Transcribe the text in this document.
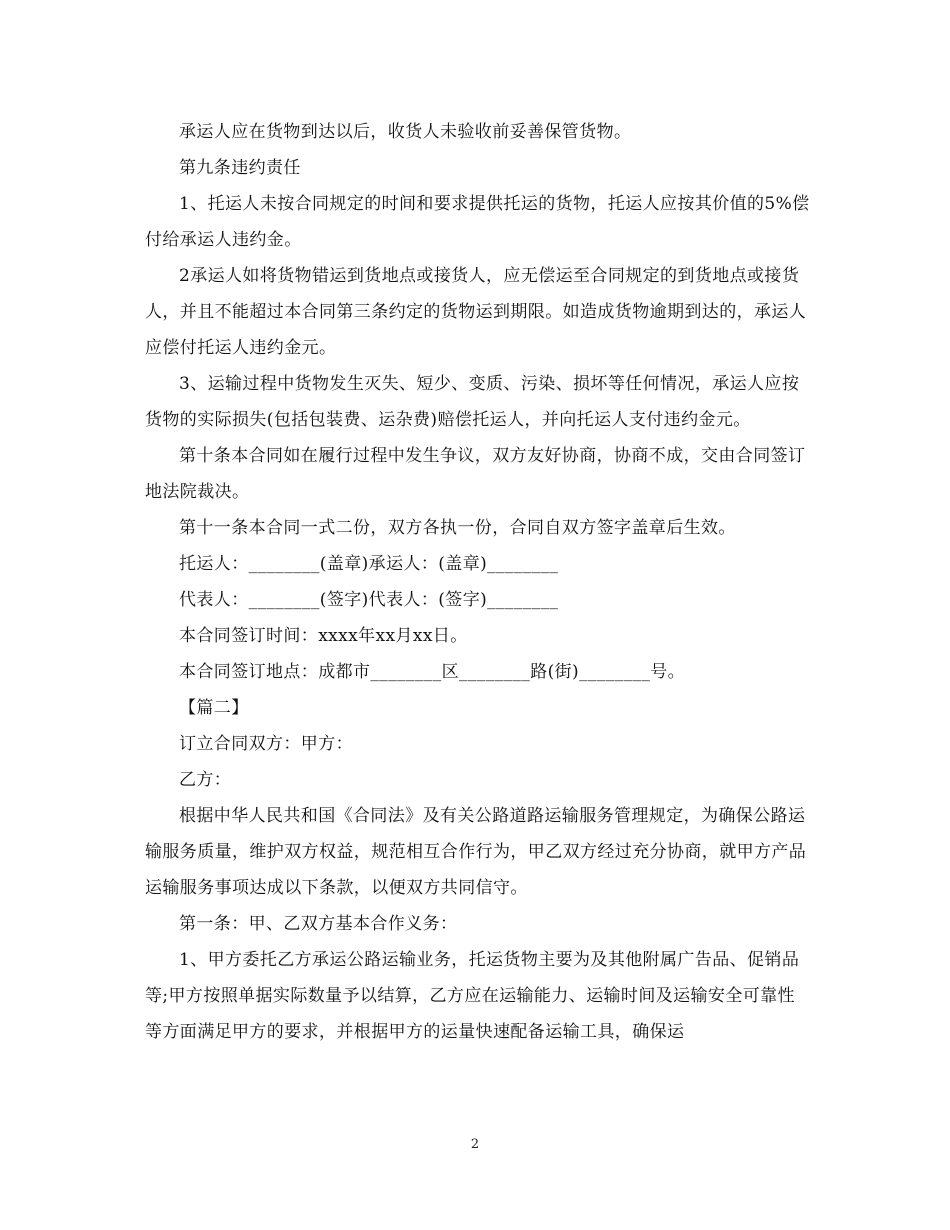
承运人应在货物到达以后，收货人未验收前妥善保管货物。

第九条违约责任

1、托运人未按合同规定的时间和要求提供托运的货物，托运人应按其价值的5%偿付给承运人违约金。

2承运人如将货物错运到货地点或接货人，应无偿运至合同规定的到货地点或接货人，并且不能超过本合同第三条约定的货物运到期限。如造成货物逾期到达的，承运人应偿付托运人违约金元。

3、运输过程中货物发生灭失、短少、变质、污染、损坏等任何情况，承运人应按货物的实际损失(包括包装费、运杂费)赔偿托运人，并向托运人支付违约金元。

第十条本合同如在履行过程中发生争议，双方友好协商，协商不成，交由合同签订地法院裁决。

第十一条本合同一式二份，双方各执一份，合同自双方签字盖章后生效。

托运人：________(盖章)承运人：(盖章)________

代表人：________(签字)代表人：(签字)________

本合同签订时间：xxxx年xx月xx日。

本合同签订地点：成都市________区________路(街)________号。

【篇二】

订立合同双方：甲方：

乙方：

根据中华人民共和国《合同法》及有关公路道路运输服务管理规定，为确保公路运输服务质量，维护双方权益，规范相互合作行为，甲乙双方经过充分协商，就甲方产品运输服务事项达成以下条款，以便双方共同信守。

第一条：甲、乙双方基本合作义务：

1、甲方委托乙方承运公路运输业务，托运货物主要为及其他附属广告品、促销品等;甲方按照单据实际数量予以结算，乙方应在运输能力、运输时间及运输安全可靠性等方面满足甲方的要求，并根据甲方的运量快速配备运输工具，确保运

2
